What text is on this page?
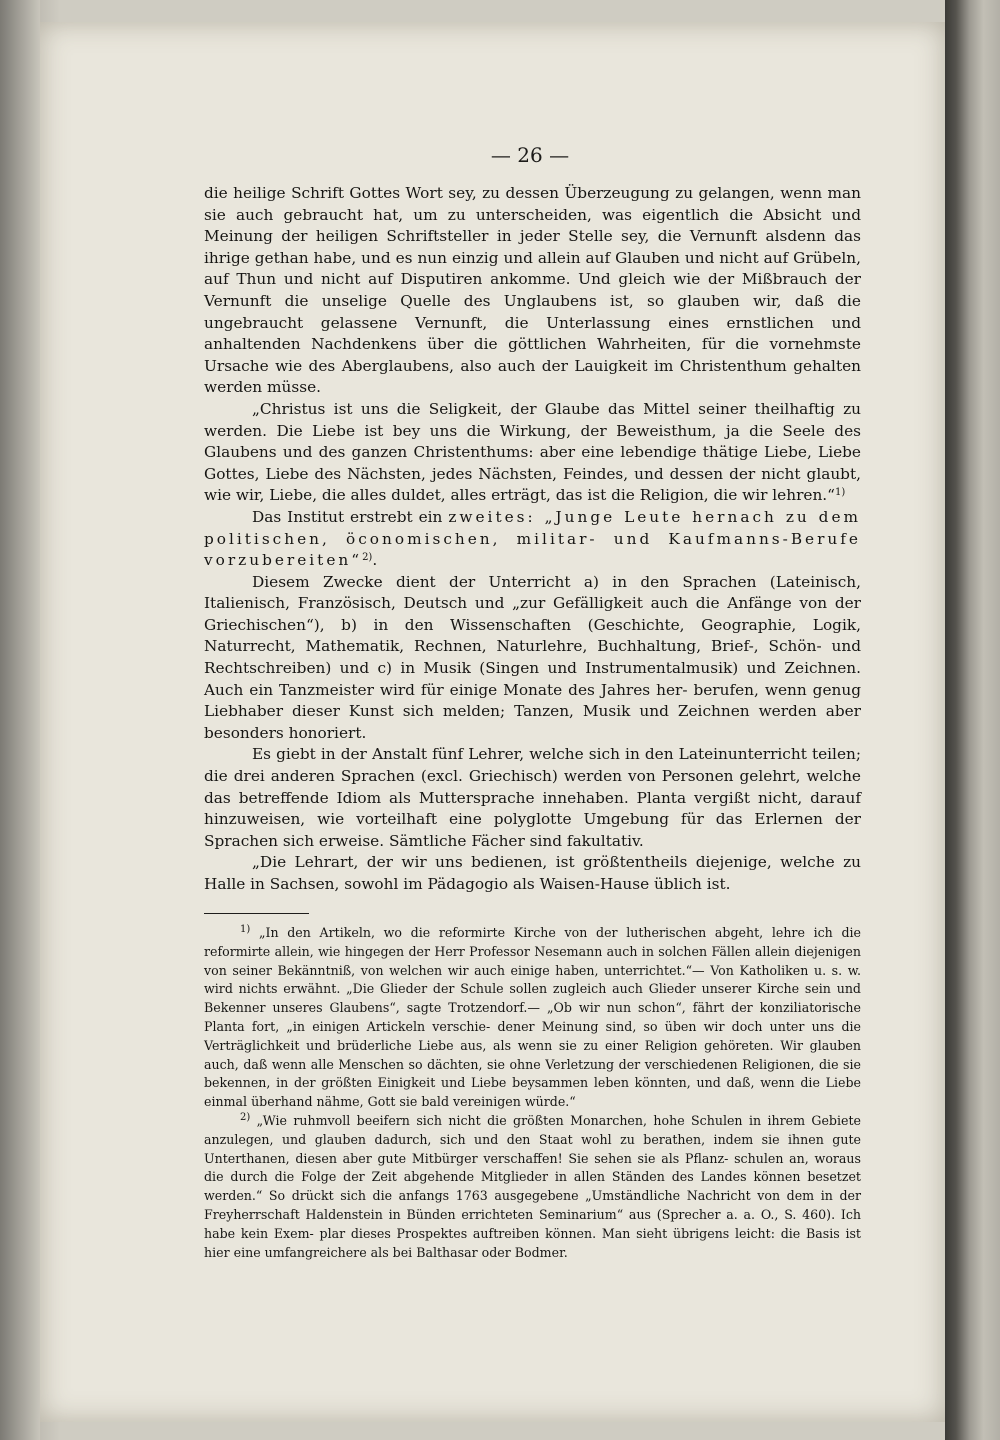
— 26 —

die heilige Schrift Gottes Wort sey, zu dessen Überzeugung zu gelangen, wenn man sie auch gebraucht hat, um zu unterscheiden, was eigentlich die Absicht und Meinung der heiligen Schriftsteller in jeder Stelle sey, die Vernunft alsdenn das ihrige gethan habe, und es nun einzig und allein auf Glauben und nicht auf Grübeln, auf Thun und nicht auf Disputiren ankomme. Und gleich wie der Mißbrauch der Vernunft die unselige Quelle des Unglaubens ist, so glauben wir, daß die ungebraucht gelassene Vernunft, die Unterlassung eines ernstlichen und anhaltenden Nachdenkens über die göttlichen Wahrheiten, für die vornehmste Ursache wie des Aberglaubens, also auch der Lauigkeit im Christenthum gehalten werden müsse.

„Christus ist uns die Seligkeit, der Glaube das Mittel seiner theilhaftig zu werden. Die Liebe ist bey uns die Wirkung, der Beweisthum, ja die Seele des Glaubens und des ganzen Christenthums: aber eine lebendige thätige Liebe, Liebe Gottes, Liebe des Nächsten, jedes Nächsten, Feindes, und dessen der nicht glaubt, wie wir, Liebe, die alles duldet, alles erträgt, das ist die Religion, die wir lehren.“$^{1)}$

Das Institut erstrebt ein zweites: „Junge Leute hernach zu dem politischen, öconomischen, militar- und Kaufmanns-Berufe vorzubereiten“$^{2)}$.

Diesem Zwecke dient der Unterricht a) in den Sprachen (Lateinisch, Italienisch, Französisch, Deutsch und „zur Gefälligkeit auch die Anfänge von der Griechischen“), b) in den Wissenschaften (Geschichte, Geographie, Logik, Naturrecht, Mathematik, Rechnen, Naturlehre, Buchhaltung, Brief-, Schön- und Rechtschreiben) und c) in Musik (Singen und Instrumentalmusik) und Zeichnen. Auch ein Tanzmeister wird für einige Monate des Jahres her- berufen, wenn genug Liebhaber dieser Kunst sich melden; Tanzen, Musik und Zeichnen werden aber besonders honoriert.

Es giebt in der Anstalt fünf Lehrer, welche sich in den Lateinunterricht teilen; die drei anderen Sprachen (excl. Griechisch) werden von Personen gelehrt, welche das betreffende Idiom als Muttersprache innehaben. Planta vergißt nicht, darauf hinzuweisen, wie vorteilhaft eine polyglotte Umgebung für das Erlernen der Sprachen sich erweise. Sämtliche Fächer sind fakultativ.

„Die Lehrart, der wir uns bedienen, ist größtentheils diejenige, welche zu Halle in Sachsen, sowohl im Pädagogio als Waisen-Hause üblich ist.

$^{1)}$ „In den Artikeln, wo die reformirte Kirche von der lutherischen abgeht, lehre ich die reformirte allein, wie hingegen der Herr Professor Nesemann auch in solchen Fällen allein diejenigen von seiner Bekänntniß, von welchen wir auch einige haben, unterrichtet.“— Von Katholiken u. s. w. wird nichts erwähnt. „Die Glieder der Schule sollen zugleich auch Glieder unserer Kirche sein und Bekenner unseres Glaubens“, sagte Trotzendorf.— „Ob wir nun schon“, fährt der konziliatorische Planta fort, „in einigen Artickeln verschie- dener Meinung sind, so üben wir doch unter uns die Verträglichkeit und brüderliche Liebe aus, als wenn sie zu einer Religion gehöreten. Wir glauben auch, daß wenn alle Menschen so dächten, sie ohne Verletzung der verschiedenen Religionen, die sie bekennen, in der größten Einigkeit und Liebe beysammen leben könnten, und daß, wenn die Liebe einmal überhand nähme, Gott sie bald vereinigen würde.“

$^{2)}$ „Wie ruhmvoll beeifern sich nicht die größten Monarchen, hohe Schulen in ihrem Gebiete anzulegen, und glauben dadurch, sich und den Staat wohl zu berathen, indem sie ihnen gute Unterthanen, diesen aber gute Mitbürger verschaffen! Sie sehen sie als Pflanz- schulen an, woraus die durch die Folge der Zeit abgehende Mitglieder in allen Ständen des Landes können besetzet werden.“ So drückt sich die anfangs 1763 ausgegebene „Umständliche Nachricht von dem in der Freyherrschaft Haldenstein in Bünden errichteten Seminarium“ aus (Sprecher a. a. O., S. 460). Ich habe kein Exem- plar dieses Prospektes auftreiben können. Man sieht übrigens leicht: die Basis ist hier eine umfangreichere als bei Balthasar oder Bodmer.
